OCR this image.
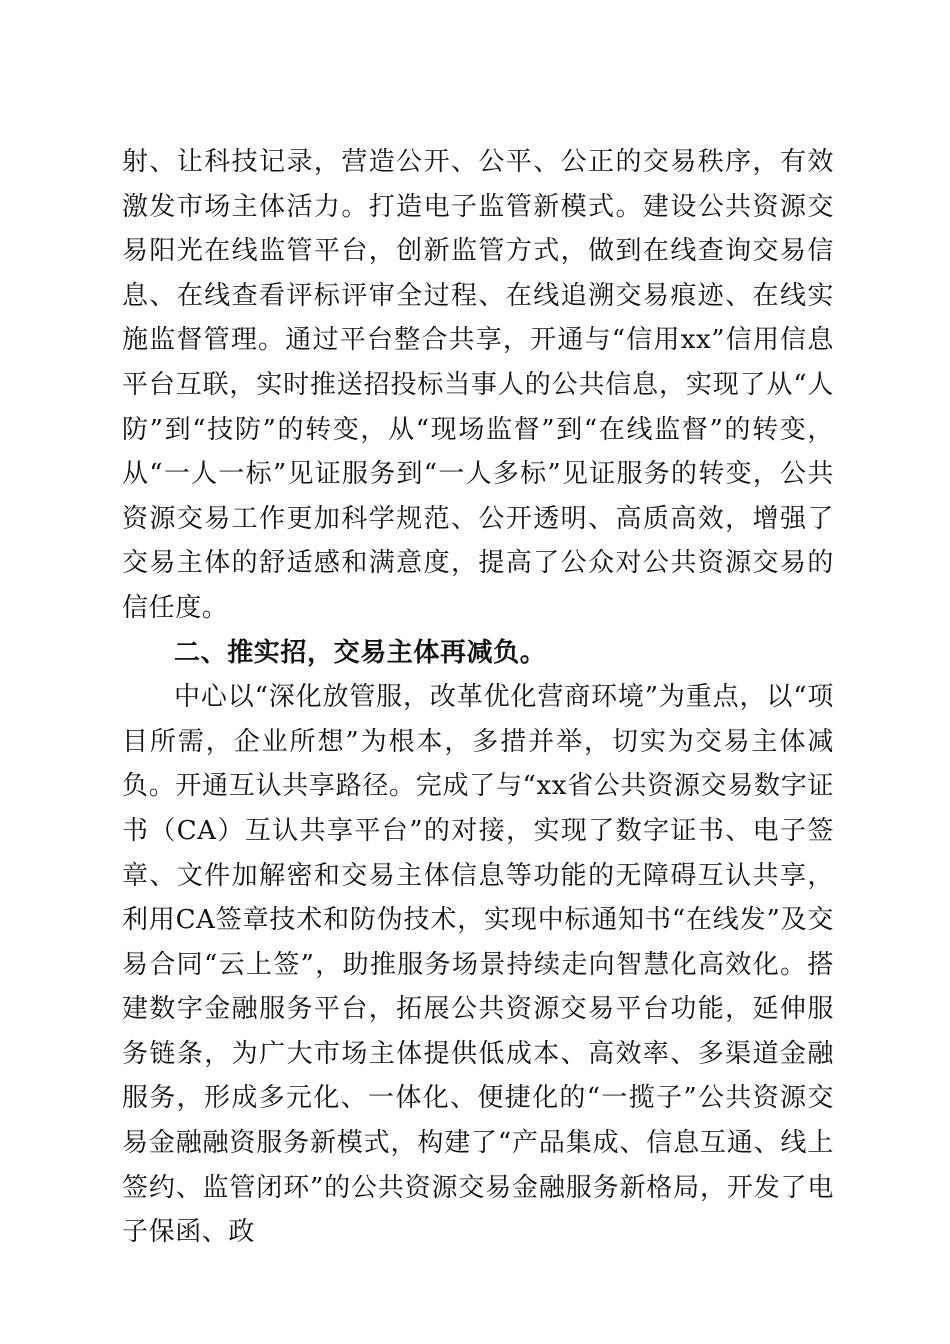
射、让科技记录，营造公开、公平、公正的交易秩序，有效激发市场主体活力。打造电子监管新模式。建设公共资源交易阳光在线监管平台，创新监管方式，做到在线查询交易信息、在线查看评标评审全过程、在线追溯交易痕迹、在线实施监督管理。通过平台整合共享，开通与“信用xx”信用信息平台互联，实时推送招投标当事人的公共信息，实现了从“人防”到“技防”的转变，从“现场监督”到“在线监督”的转变，从“一人一标”见证服务到“一人多标”见证服务的转变，公共资源交易工作更加科学规范、公开透明、高质高效，增强了交易主体的舒适感和满意度，提高了公众对公共资源交易的信任度。

二、推实招，交易主体再减负。

中心以“深化放管服，改革优化营商环境”为重点，以“项目所需，企业所想”为根本，多措并举，切实为交易主体减负。开通互认共享路径。完成了与“xx省公共资源交易数字证书（CA）互认共享平台”的对接，实现了数字证书、电子签章、文件加解密和交易主体信息等功能的无障碍互认共享，利用CA签章技术和防伪技术，实现中标通知书“在线发”及交易合同“云上签”，助推服务场景持续走向智慧化高效化。搭建数字金融服务平台，拓展公共资源交易平台功能，延伸服务链条，为广大市场主体提供低成本、高效率、多渠道金融服务，形成多元化、一体化、便捷化的“一揽子”公共资源交易金融融资服务新模式，构建了“产品集成、信息互通、线上签约、监管闭环”的公共资源交易金融服务新格局，开发了电子保函、政
